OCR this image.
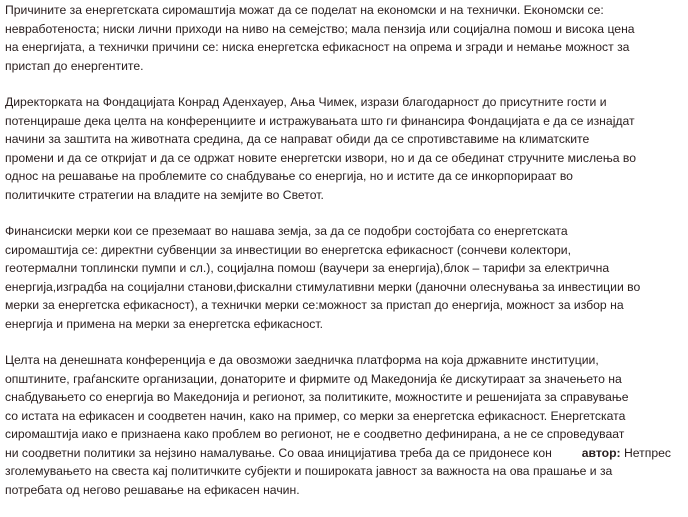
Причините за енергетската сиромаштија можат да се поделат на економски и на технички. Економски се:
невработеноста; ниски лични приходи на ниво на семејство; мала пензија или социјална помош и висока цена
на енергијата, а технички причини се: ниска енергетска ефикасност на опрема и згради и немање можност за
пристап до енергентите.

Директорката на Фондацијата Конрад Аденхауер, Ања Чимек, изрази благодарност до присутните гости и
потенцираше дека целта на конференциите и истражувањата што ги финансира Фондацијата е да се изнајдат
начини за заштита на животната средина, да се направат обиди да се спротивставиме на климатските
промени и да се откријат и да се одржат новите енергетски извори, но и да се обединат стручните мислења во
однос на решавање на проблемите со снабдување со енергија, но и истите да се инкорпорираат во
политичките стратегии на владите на земјите во Светот.

Финансиски мерки кои се преземаат во нашава земја, за да се подобри состојбата со енергетската
сиромаштија се: директни субвенции за инвестиции во енергетска ефикасност (сончеви колектори,
геотермални топлински пумпи и сл.), социјална помош (ваучери за енергија),блок – тарифи за електрична
енергија,изградба на социјални станови,фискални стимулативни мерки (даночни олеснувања за инвестиции во
мерки за енергетска ефикасност), а технички мерки се:можност за пристап до енергија, можност за избор на
енергија и примена на мерки за енергетска ефикасност.

Целта на денешната конференција е да овозможи заедничка платформа на која државните институции,
општините, граѓанските организации, донаторите и фирмите од Македонија ќе дискутираат за значењето на
снабдувањето со енергија во Македонија и регионот, за политиките, можностите и решенијата за справување
со истата на ефикасен и соодветен начин, како на пример, со мерки за енергетска ефикасност. Енергетската
сиромаштија иако е признаена како проблем во регионот, не е соодветно дефинирана, а не се спроведуваат
ни соодветни политики за нејзино намалување. Со оваа иницијатива треба да се придонесе кон
зголемувањето на свеста кај политичките субјекти и пошироката јавност за важноста на ова прашање и за
потребата од негово решавање на ефикасен начин.

автор: Нетпрес
